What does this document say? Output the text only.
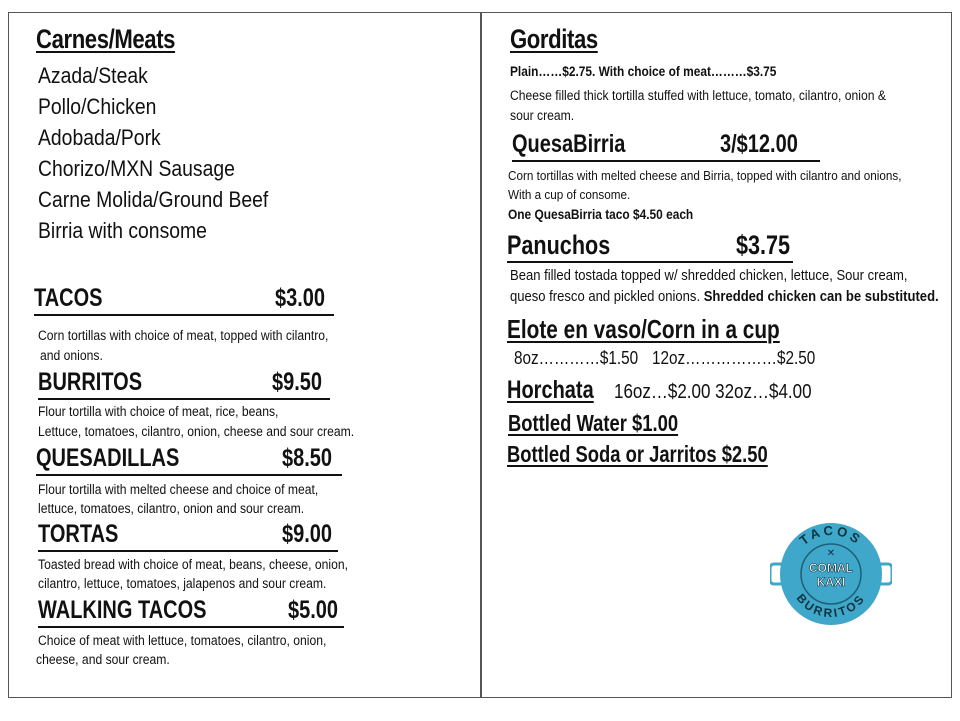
Carnes/Meats
Azada/Steak
Pollo/Chicken
Adobada/Pork
Chorizo/MXN Sausage
Carne Molida/Ground Beef
Birria with consome
TACOS	$3.00
Corn tortillas with choice of meat, topped with cilantro,
and onions.
BURRITOS	$9.50
Flour tortilla with choice of meat, rice, beans,
Lettuce, tomatoes, cilantro, onion, cheese and sour cream.
QUESADILLAS	$8.50
Flour tortilla with melted cheese and choice of meat,
lettuce, tomatoes, cilantro, onion and sour cream.
TORTAS	$9.00
Toasted bread with choice of meat, beans, cheese, onion,
cilantro, lettuce, tomatoes, jalapenos and sour cream.
WALKING TACOS	$5.00
Choice of meat with lettuce, tomatoes, cilantro, onion,
cheese, and sour cream.
Gorditas
Plain……$2.75. With choice of meat………$3.75
Cheese filled thick tortilla stuffed with lettuce, tomato, cilantro, onion &
sour cream.
QuesaBirria	3/$12.00
Corn tortillas with melted cheese and Birria, topped with cilantro and onions,
With a cup of consome.
One QuesaBirria taco $4.50 each
Panuchos	$3.75
Bean filled tostada topped w/ shredded chicken, lettuce, Sour cream,
queso fresco and pickled onions. Shredded chicken can be substituted.
Elote en vaso/Corn in a cup
8oz…………$1.50 12oz………………$2.50
Horchata 16oz…$2.00 32oz…$4.00
Bottled Water $1.00
Bottled Soda or Jarritos $2.50
TACOS
BURRITOS
COMAL
KAXI
✕
